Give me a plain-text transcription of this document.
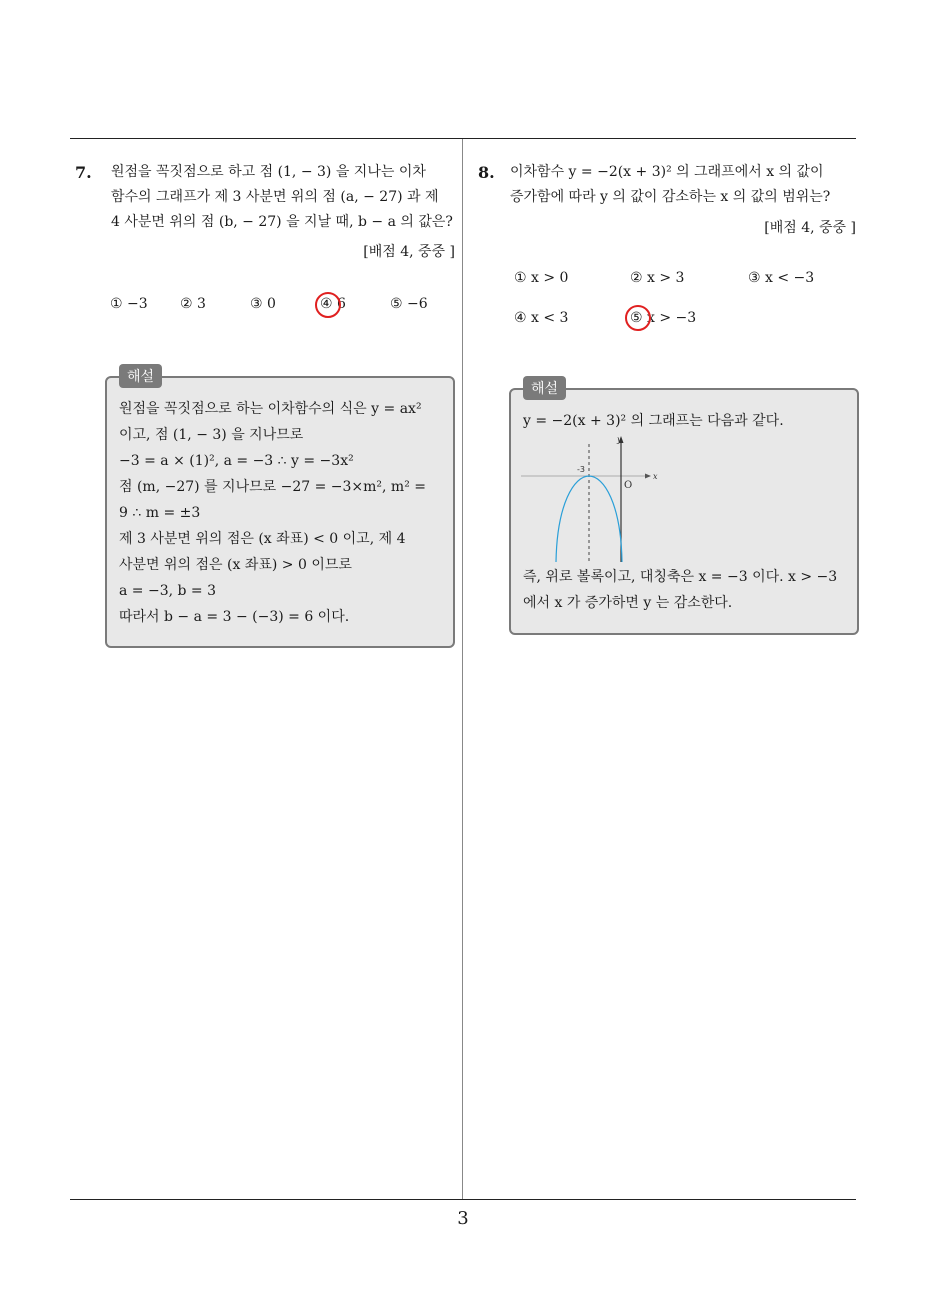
7. 원점을 꼭짓점으로 하고 점 (1, − 3) 을 지나는 이차
함수의 그래프가 제 3 사분면 위의 점 (a, − 27) 과 제
4 사분면 위의 점 (b, − 27) 을 지날 때, b − a 의 값은?
[배점 4, 중중 ]
① −3 ② 3	③ 0	④ 6	⑤ −6
해설
원점을 꼭짓점으로 하는 이차함수의 식은 y = ax²
이고, 점 (1, − 3) 을 지나므로
−3 = a × (1)², a = −3 ∴ y = −3x²
점 (m, −27) 를 지나므로 −27 = −3×m², m² =
9 ∴ m = ±3
제 3 사분면 위의 점은 (x 좌표) < 0 이고, 제 4
사분면 위의 점은 (x 좌표) > 0 이므로
a = −3, b = 3
따라서 b − a = 3 − (−3) = 6 이다.
8. 이차함수 y = −2(x + 3)² 의 그래프에서 x 의 값이
증가함에 따라 y 의 값이 감소하는 x 의 값의 범위는?
[배점 4, 중중 ]
① x > 0	② x > 3	③ x < −3
④ x < 3	⑤ x > −3
해설
y = −2(x + 3)² 의 그래프는 다음과 같다.
x
y
O
-3
즉, 위로 볼록이고, 대칭축은 x = −3 이다. x > −3
에서 x 가 증가하면 y 는 감소한다.
3
